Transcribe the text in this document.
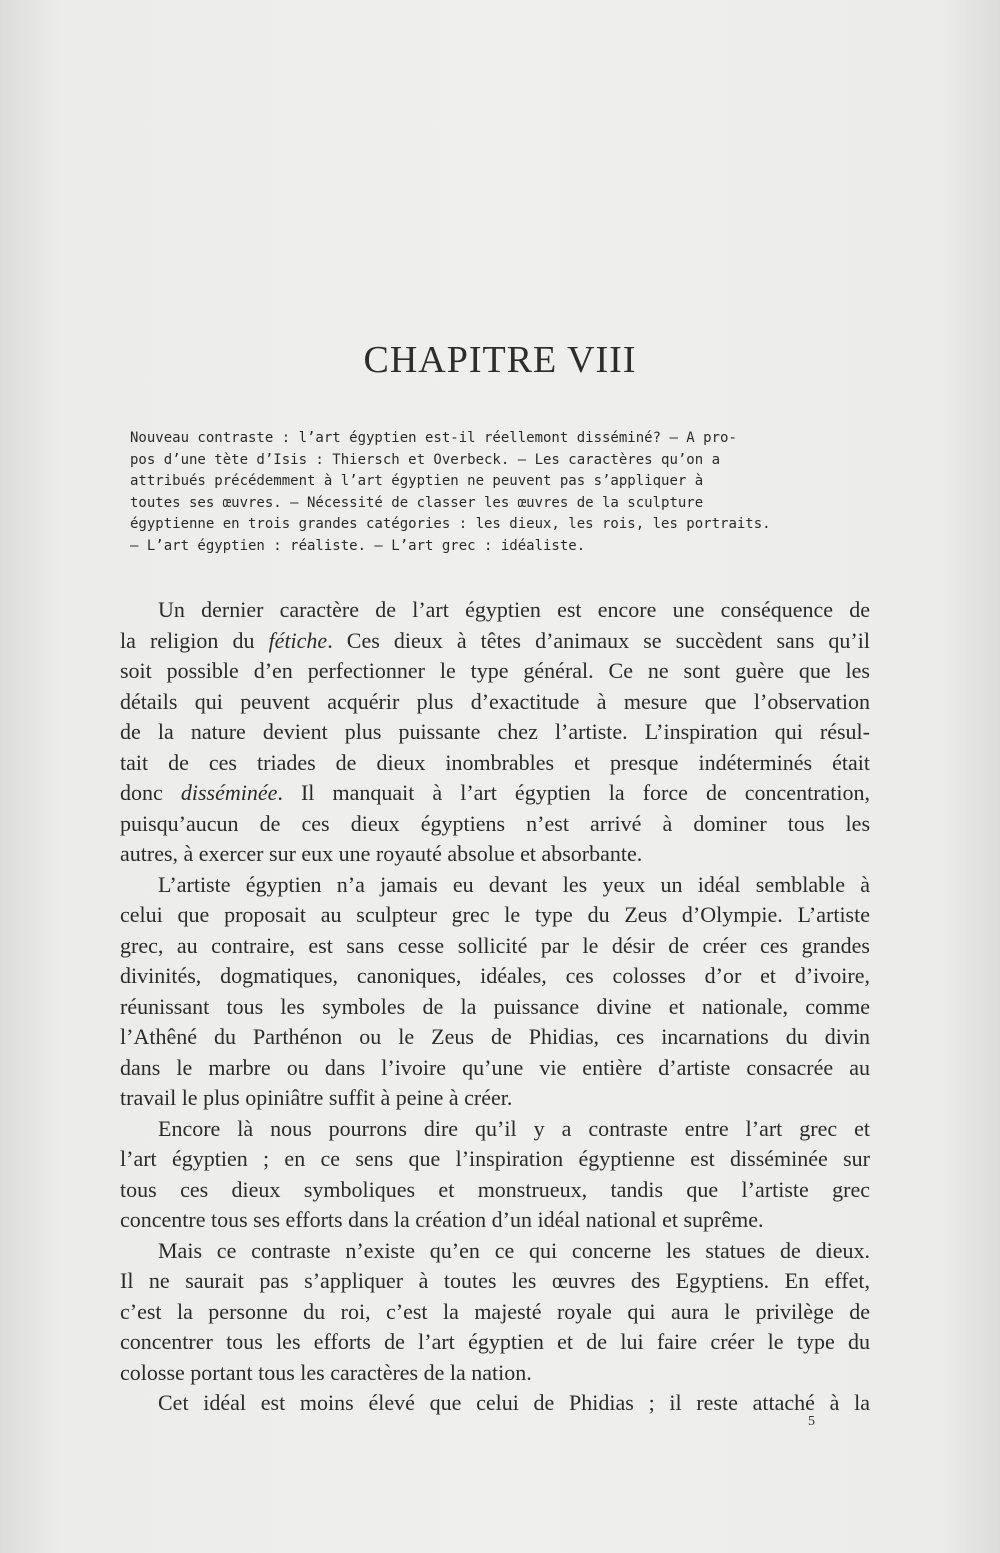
CHAPITRE VIII
Nouveau contraste : l’art égyptien est-il réellemont disséminé? — A pro-
pos d’une tète d’Isis : Thiersch et Overbeck. — Les caractères qu’on a
attribués précédemment à l’art égyptien ne peuvent pas s’appliquer à
toutes ses œuvres. — Nécessité de classer les œuvres de la sculpture
égyptienne en trois grandes catégories : les dieux, les rois, les portraits.
— L’art égyptien : réaliste. — L’art grec : idéaliste.
Un dernier caractère de l’art égyptien est encore une conséquence de
la religion du fétiche. Ces dieux à têtes d’animaux se succèdent sans qu’il
soit possible d’en perfectionner le type général. Ce ne sont guère que les
détails qui peuvent acquérir plus d’exactitude à mesure que l’observation
de la nature devient plus puissante chez l’artiste. L’inspiration qui résul-
tait de ces triades de dieux inombrables et presque indéterminés était
donc disséminée. Il manquait à l’art égyptien la force de concentration,
puisqu’aucun de ces dieux égyptiens n’est arrivé à dominer tous les
autres, à exercer sur eux une royauté absolue et absorbante.
L’artiste égyptien n’a jamais eu devant les yeux un idéal semblable à
celui que proposait au sculpteur grec le type du Zeus d’Olympie. L’artiste
grec, au contraire, est sans cesse sollicité par le désir de créer ces grandes
divinités, dogmatiques, canoniques, idéales, ces colosses d’or et d’ivoire,
réunissant tous les symboles de la puissance divine et nationale, comme
l’Athêné du Parthénon ou le Zeus de Phidias, ces incarnations du divin
dans le marbre ou dans l’ivoire qu’une vie entière d’artiste consacrée au
travail le plus opiniâtre suffit à peine à créer.
Encore là nous pourrons dire qu’il y a contraste entre l’art grec et
l’art égyptien ; en ce sens que l’inspiration égyptienne est disséminée sur
tous ces dieux symboliques et monstrueux, tandis que l’artiste grec
concentre tous ses efforts dans la création d’un idéal national et suprême.
Mais ce contraste n’existe qu’en ce qui concerne les statues de dieux.
Il ne saurait pas s’appliquer à toutes les œuvres des Egyptiens. En effet,
c’est la personne du roi, c’est la majesté royale qui aura le privilège de
concentrer tous les efforts de l’art égyptien et de lui faire créer le type du
colosse portant tous les caractères de la nation.
Cet idéal est moins élevé que celui de Phidias ; il reste attaché à la
5
